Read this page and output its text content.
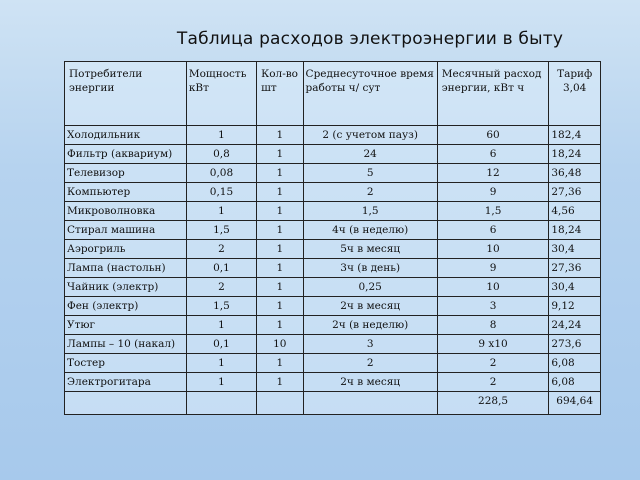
Таблица расходов электроэнергии в быту
Потребители энергии	Мощность кВт	Кол-во шт	Среднесуточное время работы ч/ сут	Месячный расход энергии, кВт ч	Тариф 3,04
Холодильник	1	1	2 (с учетом пауз)	60	182,4
Фильтр (аквариум)	0,8	1	24	6	18,24
Телевизор	0,08	1	5	12	36,48
Компьютер	0,15	1	2	9	27,36
Микроволновка	1	1	1,5	1,5	4,56
Стирал машина	1,5	1	4ч (в неделю)	6	18,24
Аэрогриль	2	1	5ч в месяц	10	30,4
Лампа (настольн)	0,1	1	3ч (в день)	9	27,36
Чайник (электр)	2	1	0,25	10	30,4
Фен (электр)	1,5	1	2ч в месяц	3	9,12
Утюг	1	1	2ч (в неделю)	8	24,24
Лампы – 10 (накал)	0,1	10	3	9 х10	273,6
Тостер	1	1	2	2	6,08
Электрогитара	1	1	2ч в месяц	2	6,08
				228,5	694,64
